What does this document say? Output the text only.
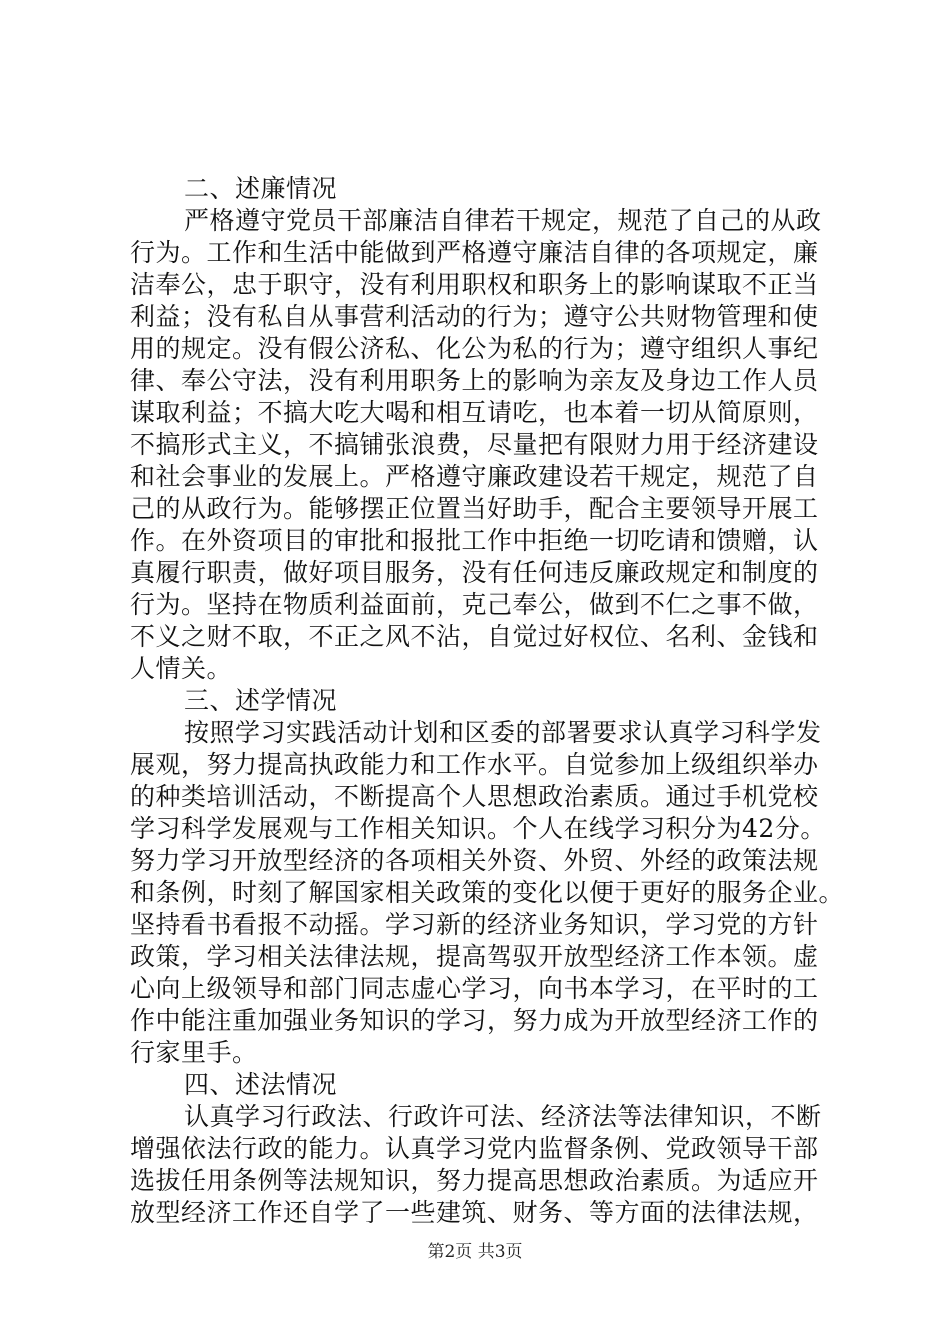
二、述廉情况
严格遵守党员干部廉洁自律若干规定，规范了自己的从政
行为。工作和生活中能做到严格遵守廉洁自律的各项规定，廉
洁奉公，忠于职守，没有利用职权和职务上的影响谋取不正当
利益；没有私自从事营利活动的行为；遵守公共财物管理和使
用的规定。没有假公济私、化公为私的行为；遵守组织人事纪
律、奉公守法，没有利用职务上的影响为亲友及身边工作人员
谋取利益；不搞大吃大喝和相互请吃，也本着一切从简原则，
不搞形式主义，不搞铺张浪费，尽量把有限财力用于经济建设
和社会事业的发展上。严格遵守廉政建设若干规定，规范了自
己的从政行为。能够摆正位置当好助手，配合主要领导开展工
作。在外资项目的审批和报批工作中拒绝一切吃请和馈赠，认
真履行职责，做好项目服务，没有任何违反廉政规定和制度的
行为。坚持在物质利益面前，克己奉公，做到不仁之事不做，
不义之财不取，不正之风不沾，自觉过好权位、名利、金钱和
人情关。
三、述学情况
按照学习实践活动计划和区委的部署要求认真学习科学发
展观，努力提高执政能力和工作水平。自觉参加上级组织举办
的种类培训活动，不断提高个人思想政治素质。通过手机党校
学习科学发展观与工作相关知识。个人在线学习积分为42分。
努力学习开放型经济的各项相关外资、外贸、外经的政策法规
和条例，时刻了解国家相关政策的变化以便于更好的服务企业。
坚持看书看报不动摇。学习新的经济业务知识，学习党的方针
政策，学习相关法律法规，提高驾驭开放型经济工作本领。虚
心向上级领导和部门同志虚心学习，向书本学习，在平时的工
作中能注重加强业务知识的学习，努力成为开放型经济工作的
行家里手。
四、述法情况
认真学习行政法、行政许可法、经济法等法律知识，不断
增强依法行政的能力。认真学习党内监督条例、党政领导干部
选拔任用条例等法规知识，努力提高思想政治素质。为适应开
放型经济工作还自学了一些建筑、财务、等方面的法律法规，
第2页 共3页
